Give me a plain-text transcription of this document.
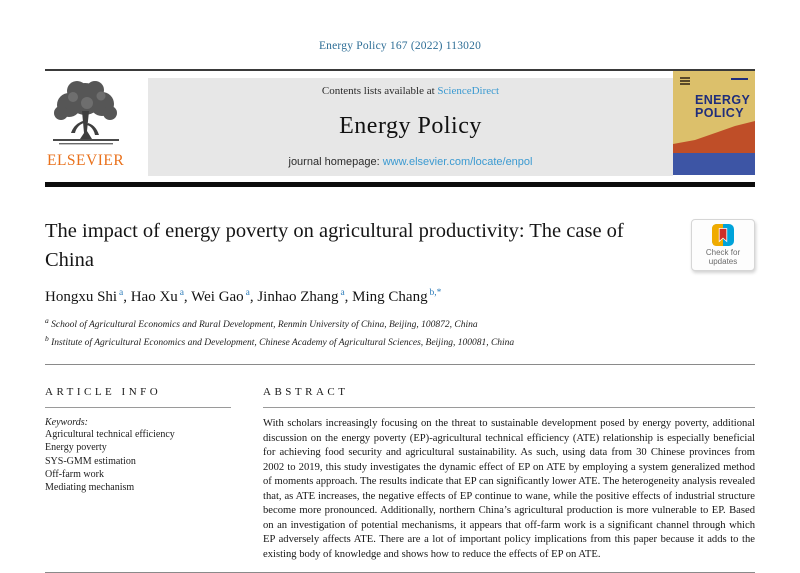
Energy Policy 167 (2022) 113020
ELSEVIER
Contents lists available at ScienceDirect
Energy Policy
journal homepage: www.elsevier.com/locate/enpol
ENERGY
POLICY
The impact of energy poverty on agricultural productivity: The case of China	Check for updates
Hongxu Shi $^a$, Hao Xu $^a$, Wei Gao $^a$, Jinhao Zhang $^a$, Ming Chang $^{b,*}$
$^a$ School of Agricultural Economics and Rural Development, Renmin University of China, Beijing, 100872, China
$^b$ Institute of Agricultural Economics and Development, Chinese Academy of Agricultural Sciences, Beijing, 100081, China
ARTICLE INFO
Keywords:
Agricultural technical efficiency
Energy poverty
SYS-GMM estimation
Off-farm work
Mediating mechanism
ABSTRACT
With scholars increasingly focusing on the threat to sustainable development posed by energy poverty, additional discussion on the energy poverty (EP)-agricultural technical efficiency (ATE) relationship is especially beneficial for achieving food security and agricultural sustainability. As such, using data from 30 Chinese provinces from 2002 to 2019, this study investigates the dynamic effect of EP on ATE by employing a system generalized method of moments approach. The results indicate that EP can significantly lower ATE. The heterogeneity analysis revealed that, as ATE increases, the negative effects of EP continue to wane, while the positive effects of industrial structure become more pronounced. Additionally, northern China’s agricultural production is more vulnerable to EP. Based on an investigation of potential mechanisms, it appears that off-farm work is a significant channel through which EP adversely affects ATE. There are a lot of important policy implications from this paper because it adds to the existing body of knowledge and shows how to reduce the effects of EP on ATE.
